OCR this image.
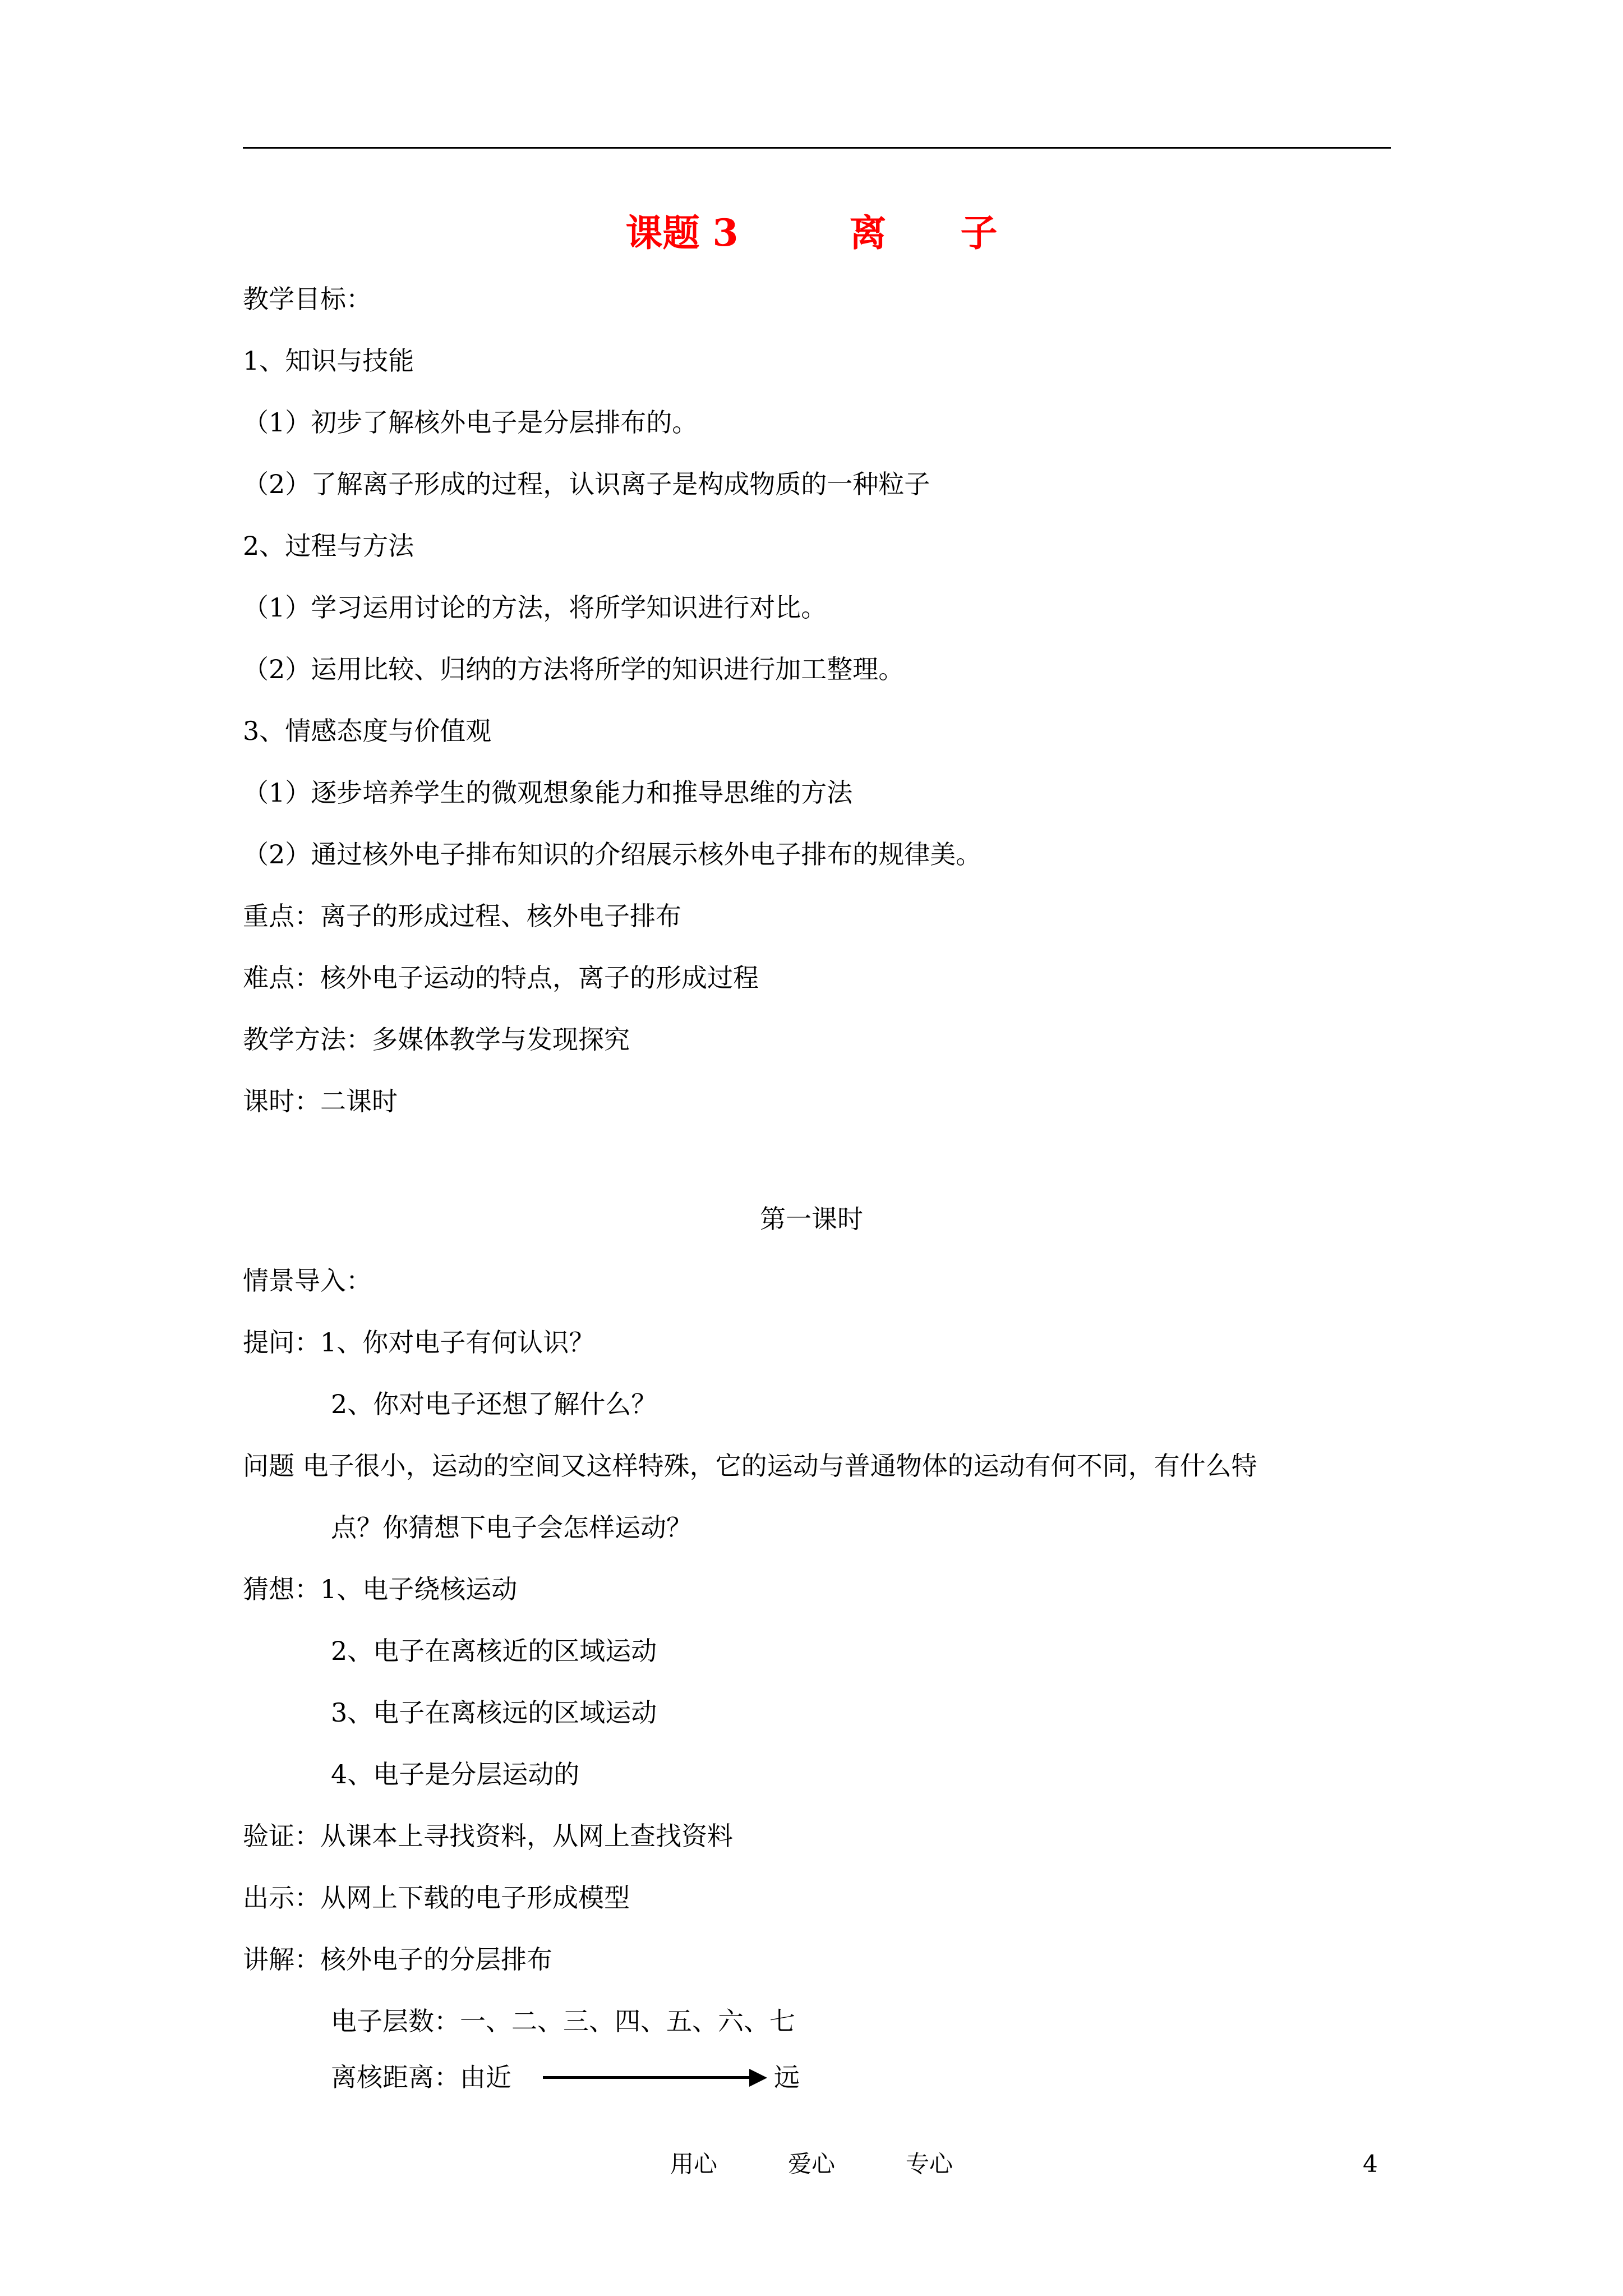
课题 3　　　离　　子
教学目标：
1、知识与技能
（1）初步了解核外电子是分层排布的。
（2）了解离子形成的过程，认识离子是构成物质的一种粒子
2、过程与方法
（1）学习运用讨论的方法，将所学知识进行对比。
（2）运用比较、归纳的方法将所学的知识进行加工整理。
3、情感态度与价值观
（1）逐步培养学生的微观想象能力和推导思维的方法
（2）通过核外电子排布知识的介绍展示核外电子排布的规律美。
重点：离子的形成过程、核外电子排布
难点：核外电子运动的特点，离子的形成过程
教学方法：多媒体教学与发现探究
课时：二课时
第一课时
情景导入：
提问：1、你对电子有何认识？
2、你对电子还想了解什么？
问题 电子很小，运动的空间又这样特殊，它的运动与普通物体的运动有何不同，有什么特
点？你猜想下电子会怎样运动？
猜想：1、电子绕核运动
2、电子在离核近的区域运动
3、电子在离核远的区域运动
4、电子是分层运动的
验证：从课本上寻找资料，从网上查找资料
出示：从网上下载的电子形成模型
讲解：核外电子的分层排布
电子层数：一、二、三、四、五、六、七
离核距离：由近	远
用心　　　爱心　　　专心	4
